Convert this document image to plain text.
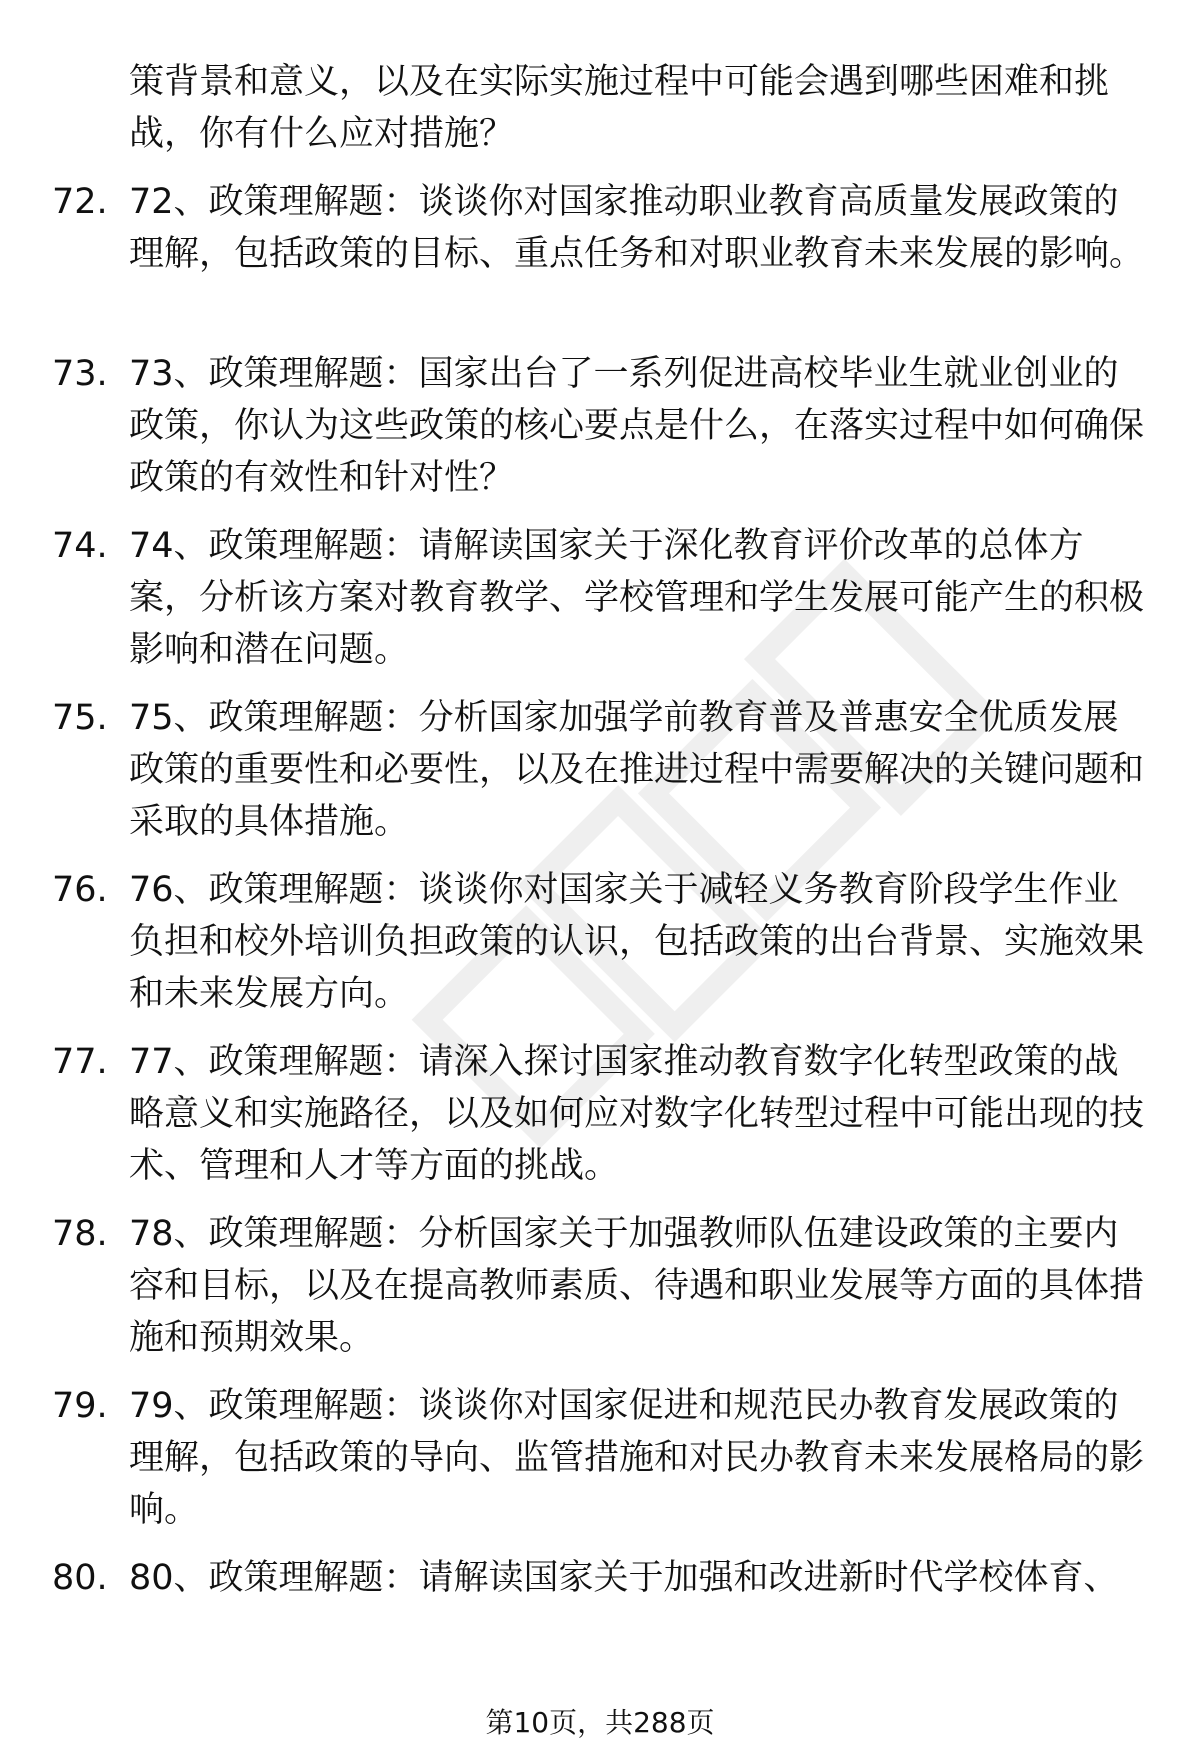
策背景和意义，以及在实际实施过程中可能会遇到哪些困难和挑战，你有什么应对措施？

72. 72、政策理解题：谈谈你对国家推动职业教育高质量发展政策的理解，包括政策的目标、重点任务和对职业教育未来发展的影响。

73. 73、政策理解题：国家出台了一系列促进高校毕业生就业创业的政策，你认为这些政策的核心要点是什么，在落实过程中如何确保政策的有效性和针对性？

74. 74、政策理解题：请解读国家关于深化教育评价改革的总体方案，分析该方案对教育教学、学校管理和学生发展可能产生的积极影响和潜在问题。

75. 75、政策理解题：分析国家加强学前教育普及普惠安全优质发展政策的重要性和必要性，以及在推进过程中需要解决的关键问题和采取的具体措施。

76. 76、政策理解题：谈谈你对国家关于减轻义务教育阶段学生作业负担和校外培训负担政策的认识，包括政策的出台背景、实施效果和未来发展方向。

77. 77、政策理解题：请深入探讨国家推动教育数字化转型政策的战略意义和实施路径，以及如何应对数字化转型过程中可能出现的技术、管理和人才等方面的挑战。

78. 78、政策理解题：分析国家关于加强教师队伍建设政策的主要内容和目标，以及在提高教师素质、待遇和职业发展等方面的具体措施和预期效果。

79. 79、政策理解题：谈谈你对国家促进和规范民办教育发展政策的理解，包括政策的导向、监管措施和对民办教育未来发展格局的影响。

80. 80、政策理解题：请解读国家关于加强和改进新时代学校体育、

第10页，共288页
